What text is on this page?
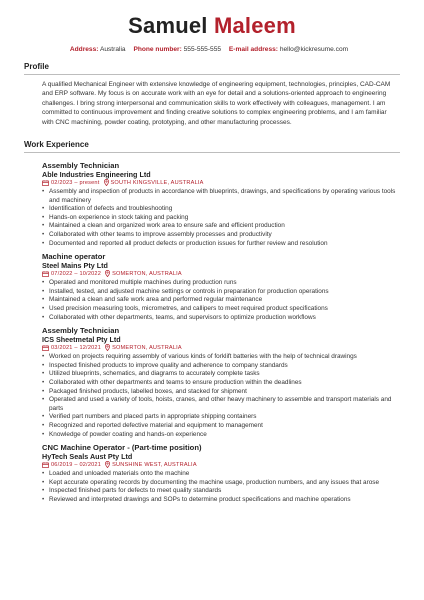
Samuel Maleem
Address: Australia Phone number: 555-555-555 E-mail address: hello@kickresume.com
Profile
A qualified Mechanical Engineer with extensive knowledge of engineering equipment, technologies, principles, CAD-CAM and ERP software. My focus is on accurate work with an eye for detail and a solutions-oriented approach to engineering challenges. I bring strong interpersonal and communication skills to work effectively with colleagues, management. I am committed to continuous improvement and finding creative solutions to complex engineering problems, and I am familiar with CNC machining, powder coating, prototyping, and other manufacturing processes.
Work Experience
Assembly Technician
Able Industries Engineering Ltd
02/2023 – present SOUTH KINGSVILLE, AUSTRALIA
• Assembly and inspection of products in accordance with blueprints, drawings, and specifications by operating various tools and machinery
• Identification of defects and troubleshooting
• Hands-on experience in stock taking and packing
• Maintained a clean and organized work area to ensure safe and efficient production
• Collaborated with other teams to improve assembly processes and productivity
• Documented and reported all product defects or production issues for further review and resolution
Machine operator
Steel Mains Pty Ltd
07/2022 – 10/2022 SOMERTON, AUSTRALIA
• Operated and monitored multiple machines during production runs
• Installed, tested, and adjusted machine settings or controls in preparation for production operations
• Maintained a clean and safe work area and performed regular maintenance
• Used precision measuring tools, micrometres, and callipers to meet required product specifications
• Collaborated with other departments, teams, and supervisors to optimize production workflows
Assembly Technician
ICS Sheetmetal Pty Ltd
03/2021 – 12/2021 SOMERTON, AUSTRALIA
• Worked on projects requiring assembly of various kinds of forklift batteries with the help of technical drawings
• Inspected finished products to improve quality and adherence to company standards
• Utilized blueprints, schematics, and diagrams to accurately complete tasks
• Collaborated with other departments and teams to ensure production within the deadlines
• Packaged finished products, labelled boxes, and stacked for shipment
• Operated and used a variety of tools, hoists, cranes, and other heavy machinery to assemble and transport materials and parts
• Verified part numbers and placed parts in appropriate shipping containers
• Recognized and reported defective material and equipment to management
• Knowledge of powder coating and hands-on experience
CNC Machine Operator - (Part-time position)
HyTech Seals Aust Pty Ltd
06/2019 – 02/2021 SUNSHINE WEST, AUSTRALIA
• Loaded and unloaded materials onto the machine
• Kept accurate operating records by documenting the machine usage, production numbers, and any issues that arose
• Inspected finished parts for defects to meet quality standards
• Reviewed and interpreted drawings and SOPs to determine product specifications and machine operations
